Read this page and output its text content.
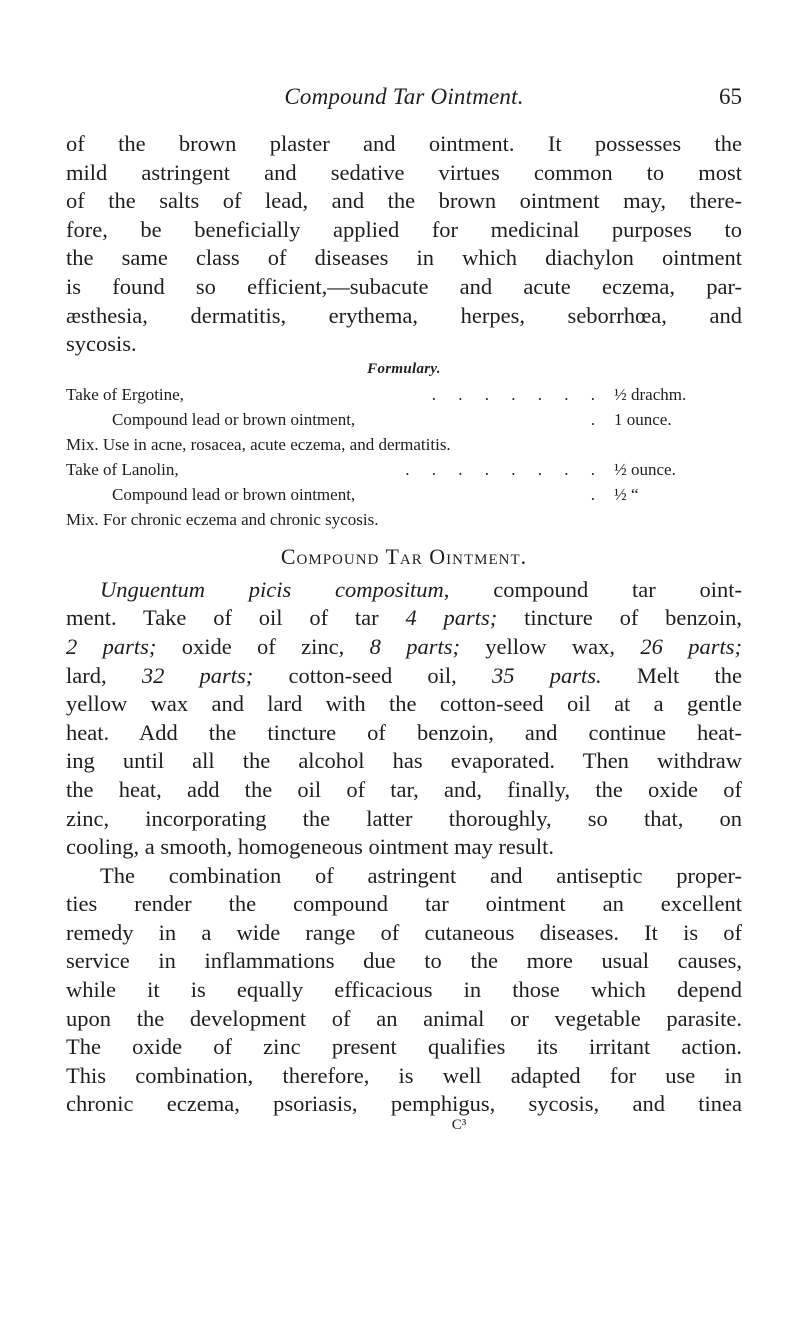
Compound Tar Ointment.	65
of the brown plaster and ointment. It possesses the
mild astringent and sedative virtues common to most
of the salts of lead, and the brown ointment may, there-
fore, be beneficially applied for medicinal purposes to
the same class of diseases in which diachylon ointment
is found so efficient,—subacute and acute eczema, par-
æsthesia, dermatitis, erythema, herpes, seborrhœa, and
sycosis.
Formulary.
Take of Ergotine,	. . . . . . . ½ drachm.
Compound lead or brown ointment,	. 1 ounce.
Mix. Use in acne, rosacea, acute eczema, and dermatitis.
Take of Lanolin,	. . . . . . . . ½ ounce.
Compound lead or brown ointment,	. ½ “
Mix. For chronic eczema and chronic sycosis.
Compound Tar Ointment.
Unguentum picis compositum, compound tar oint-
ment. Take of oil of tar 4 parts; tincture of benzoin,
2 parts; oxide of zinc, 8 parts; yellow wax, 26 parts;
lard, 32 parts; cotton-seed oil, 35 parts. Melt the
yellow wax and lard with the cotton-seed oil at a gentle
heat. Add the tincture of benzoin, and continue heat-
ing until all the alcohol has evaporated. Then withdraw
the heat, add the oil of tar, and, finally, the oxide of
zinc, incorporating the latter thoroughly, so that, on
cooling, a smooth, homogeneous ointment may result.
The combination of astringent and antiseptic proper-
ties render the compound tar ointment an excellent
remedy in a wide range of cutaneous diseases. It is of
service in inflammations due to the more usual causes,
while it is equally efficacious in those which depend
upon the development of an animal or vegetable parasite.
The oxide of zinc present qualifies its irritant action.
This combination, therefore, is well adapted for use in
chronic eczema, psoriasis, pemphigus, sycosis, and tinea
C³
